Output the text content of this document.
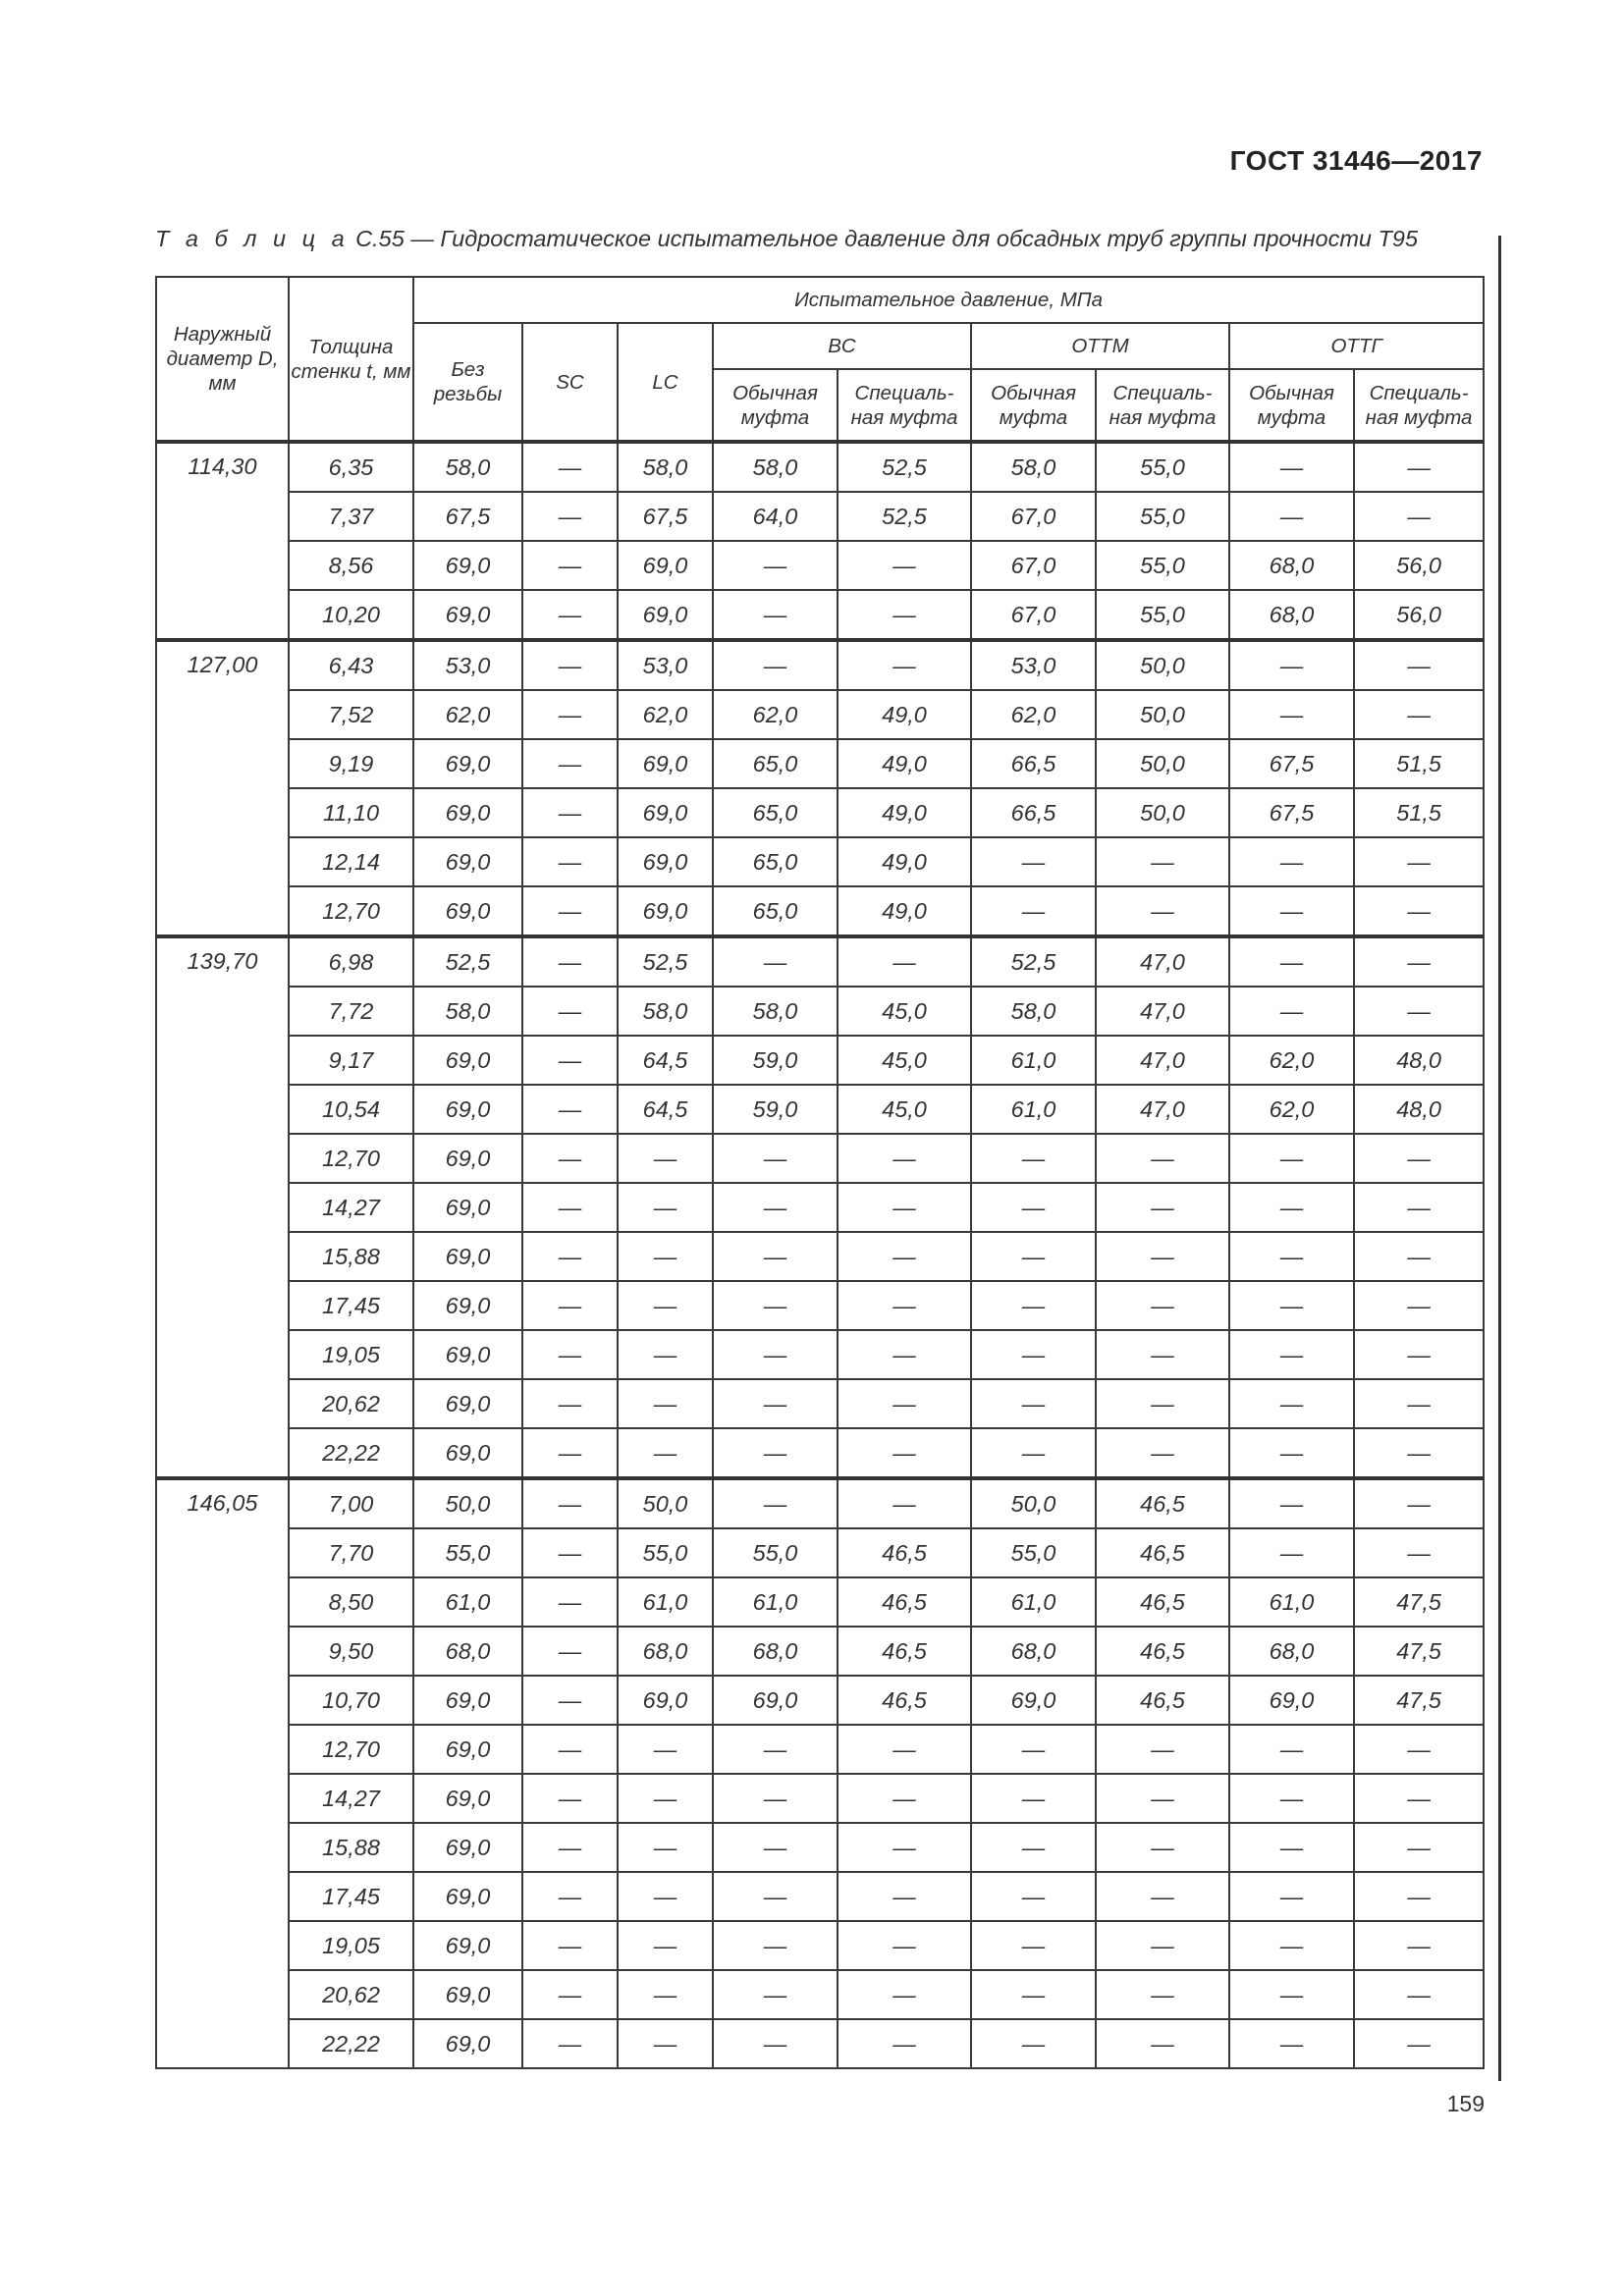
ГОСТ 31446—2017
Т а б л и ц а С.55 — Гидростатическое испытательное давление для обсадных труб группы прочности Т95
Наружный диаметр D, мм	Толщина стенки t, мм	Испытательное давление, МПа								
		Без резьбы	SC	LC	BC		ОТТМ		ОТТГ	
					Обычная муфта	Специаль-ная муфта	Обычная муфта	Специаль-ная муфта	Обычная муфта	Специаль-ная муфта
114,30	6,35	58,0	—	58,0	58,0	52,5	58,0	55,0	—	—
	7,37	67,5	—	67,5	64,0	52,5	67,0	55,0	—	—
	8,56	69,0	—	69,0	—	—	67,0	55,0	68,0	56,0
	10,20	69,0	—	69,0	—	—	67,0	55,0	68,0	56,0
127,00	6,43	53,0	—	53,0	—	—	53,0	50,0	—	—
	7,52	62,0	—	62,0	62,0	49,0	62,0	50,0	—	—
	9,19	69,0	—	69,0	65,0	49,0	66,5	50,0	67,5	51,5
	11,10	69,0	—	69,0	65,0	49,0	66,5	50,0	67,5	51,5
	12,14	69,0	—	69,0	65,0	49,0	—	—	—	—
	12,70	69,0	—	69,0	65,0	49,0	—	—	—	—
139,70	6,98	52,5	—	52,5	—	—	52,5	47,0	—	—
	7,72	58,0	—	58,0	58,0	45,0	58,0	47,0	—	—
	9,17	69,0	—	64,5	59,0	45,0	61,0	47,0	62,0	48,0
	10,54	69,0	—	64,5	59,0	45,0	61,0	47,0	62,0	48,0
	12,70	69,0	—	—	—	—	—	—	—	—
	14,27	69,0	—	—	—	—	—	—	—	—
	15,88	69,0	—	—	—	—	—	—	—	—
	17,45	69,0	—	—	—	—	—	—	—	—
	19,05	69,0	—	—	—	—	—	—	—	—
	20,62	69,0	—	—	—	—	—	—	—	—
	22,22	69,0	—	—	—	—	—	—	—	—
146,05	7,00	50,0	—	50,0	—	—	50,0	46,5	—	—
	7,70	55,0	—	55,0	55,0	46,5	55,0	46,5	—	—
	8,50	61,0	—	61,0	61,0	46,5	61,0	46,5	61,0	47,5
	9,50	68,0	—	68,0	68,0	46,5	68,0	46,5	68,0	47,5
	10,70	69,0	—	69,0	69,0	46,5	69,0	46,5	69,0	47,5
	12,70	69,0	—	—	—	—	—	—	—	—
	14,27	69,0	—	—	—	—	—	—	—	—
	15,88	69,0	—	—	—	—	—	—	—	—
	17,45	69,0	—	—	—	—	—	—	—	—
	19,05	69,0	—	—	—	—	—	—	—	—
	20,62	69,0	—	—	—	—	—	—	—	—
	22,22	69,0	—	—	—	—	—	—	—	—
159
